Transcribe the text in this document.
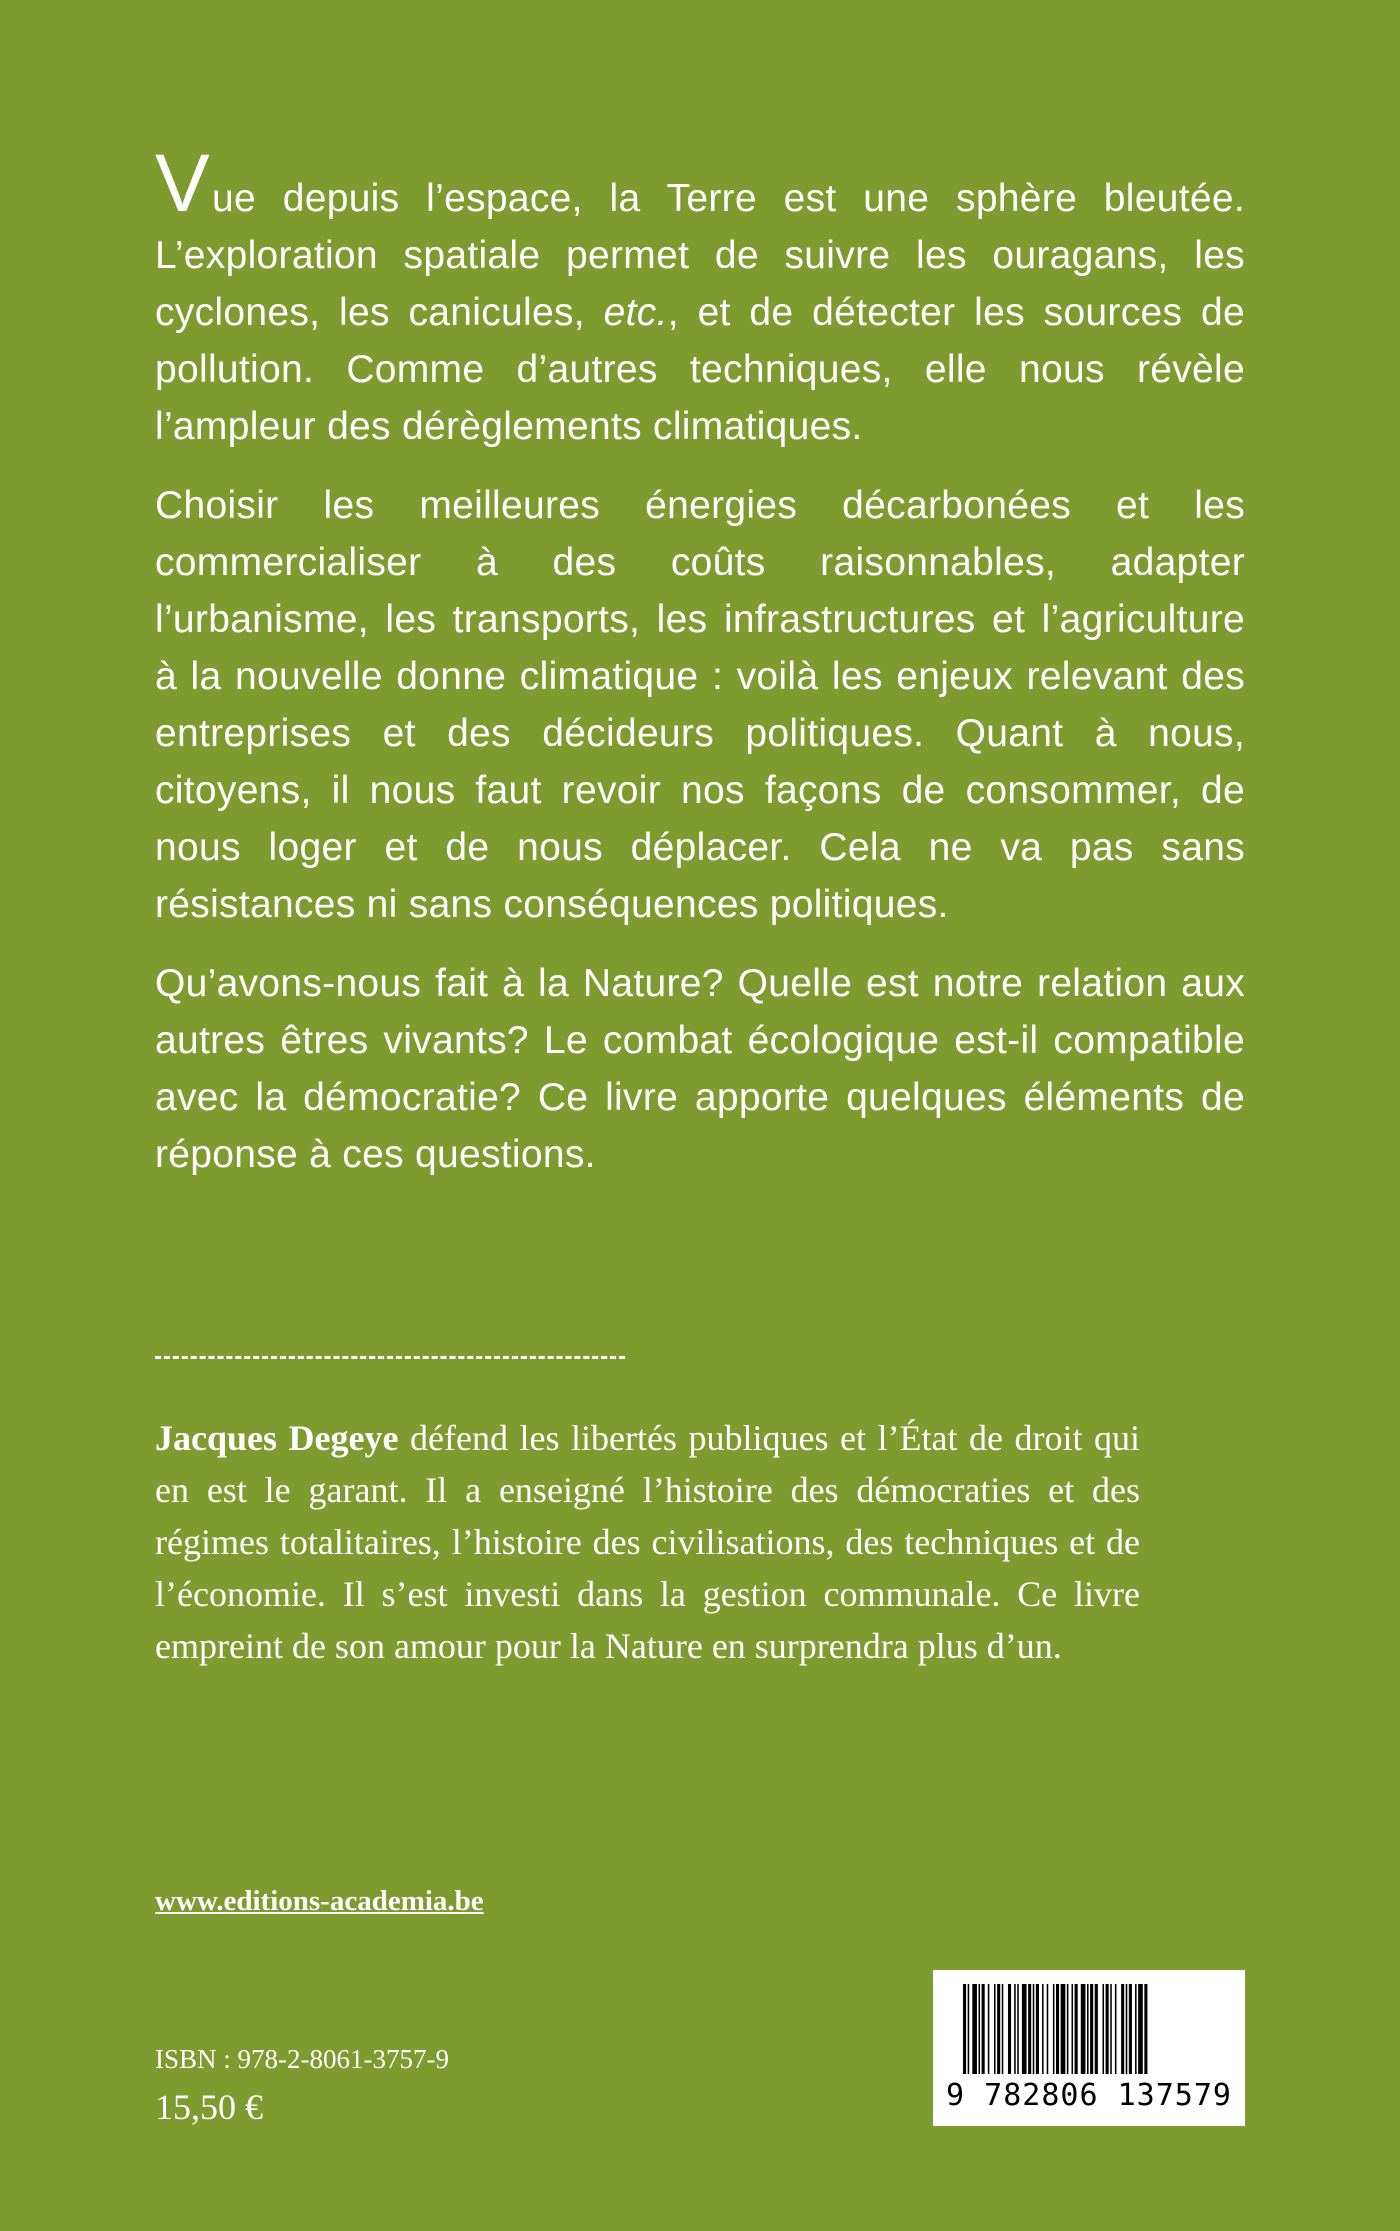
Vue depuis l’espace, la Terre est une sphère bleutée. L’exploration spatiale permet de suivre les ouragans, les cyclones, les canicules, etc., et de détecter les sources de pollution. Comme d’autres techniques, elle nous révèle l’ampleur des dérèglements climatiques.

Choisir les meilleures énergies décarbonées et les commercialiser à des coûts raisonnables, adapter l’urbanisme, les transports, les infrastructures et l’agriculture à la nouvelle donne climatique : voilà les enjeux relevant des entreprises et des décideurs politiques. Quant à nous, citoyens, il nous faut revoir nos façons de consommer, de nous loger et de nous déplacer. Cela ne va pas sans résistances ni sans conséquences politiques.

Qu’avons-nous fait à la Nature? Quelle est notre relation aux autres êtres vivants? Le combat écologique est-il compatible avec la démocratie? Ce livre apporte quelques éléments de réponse à ces questions.

Jacques Degeye défend les libertés publiques et l’État de droit qui en est le garant. Il a enseigné l’histoire des démocraties et des régimes totalitaires, l’histoire des civilisations, des techniques et de l’économie. Il s’est investi dans la gestion communale. Ce livre empreint de son amour pour la Nature en surprendra plus d’un.
www.editions-academia.be
ISBN : 978-2-8061-3757-9
15,50 €	9 782806 137579
